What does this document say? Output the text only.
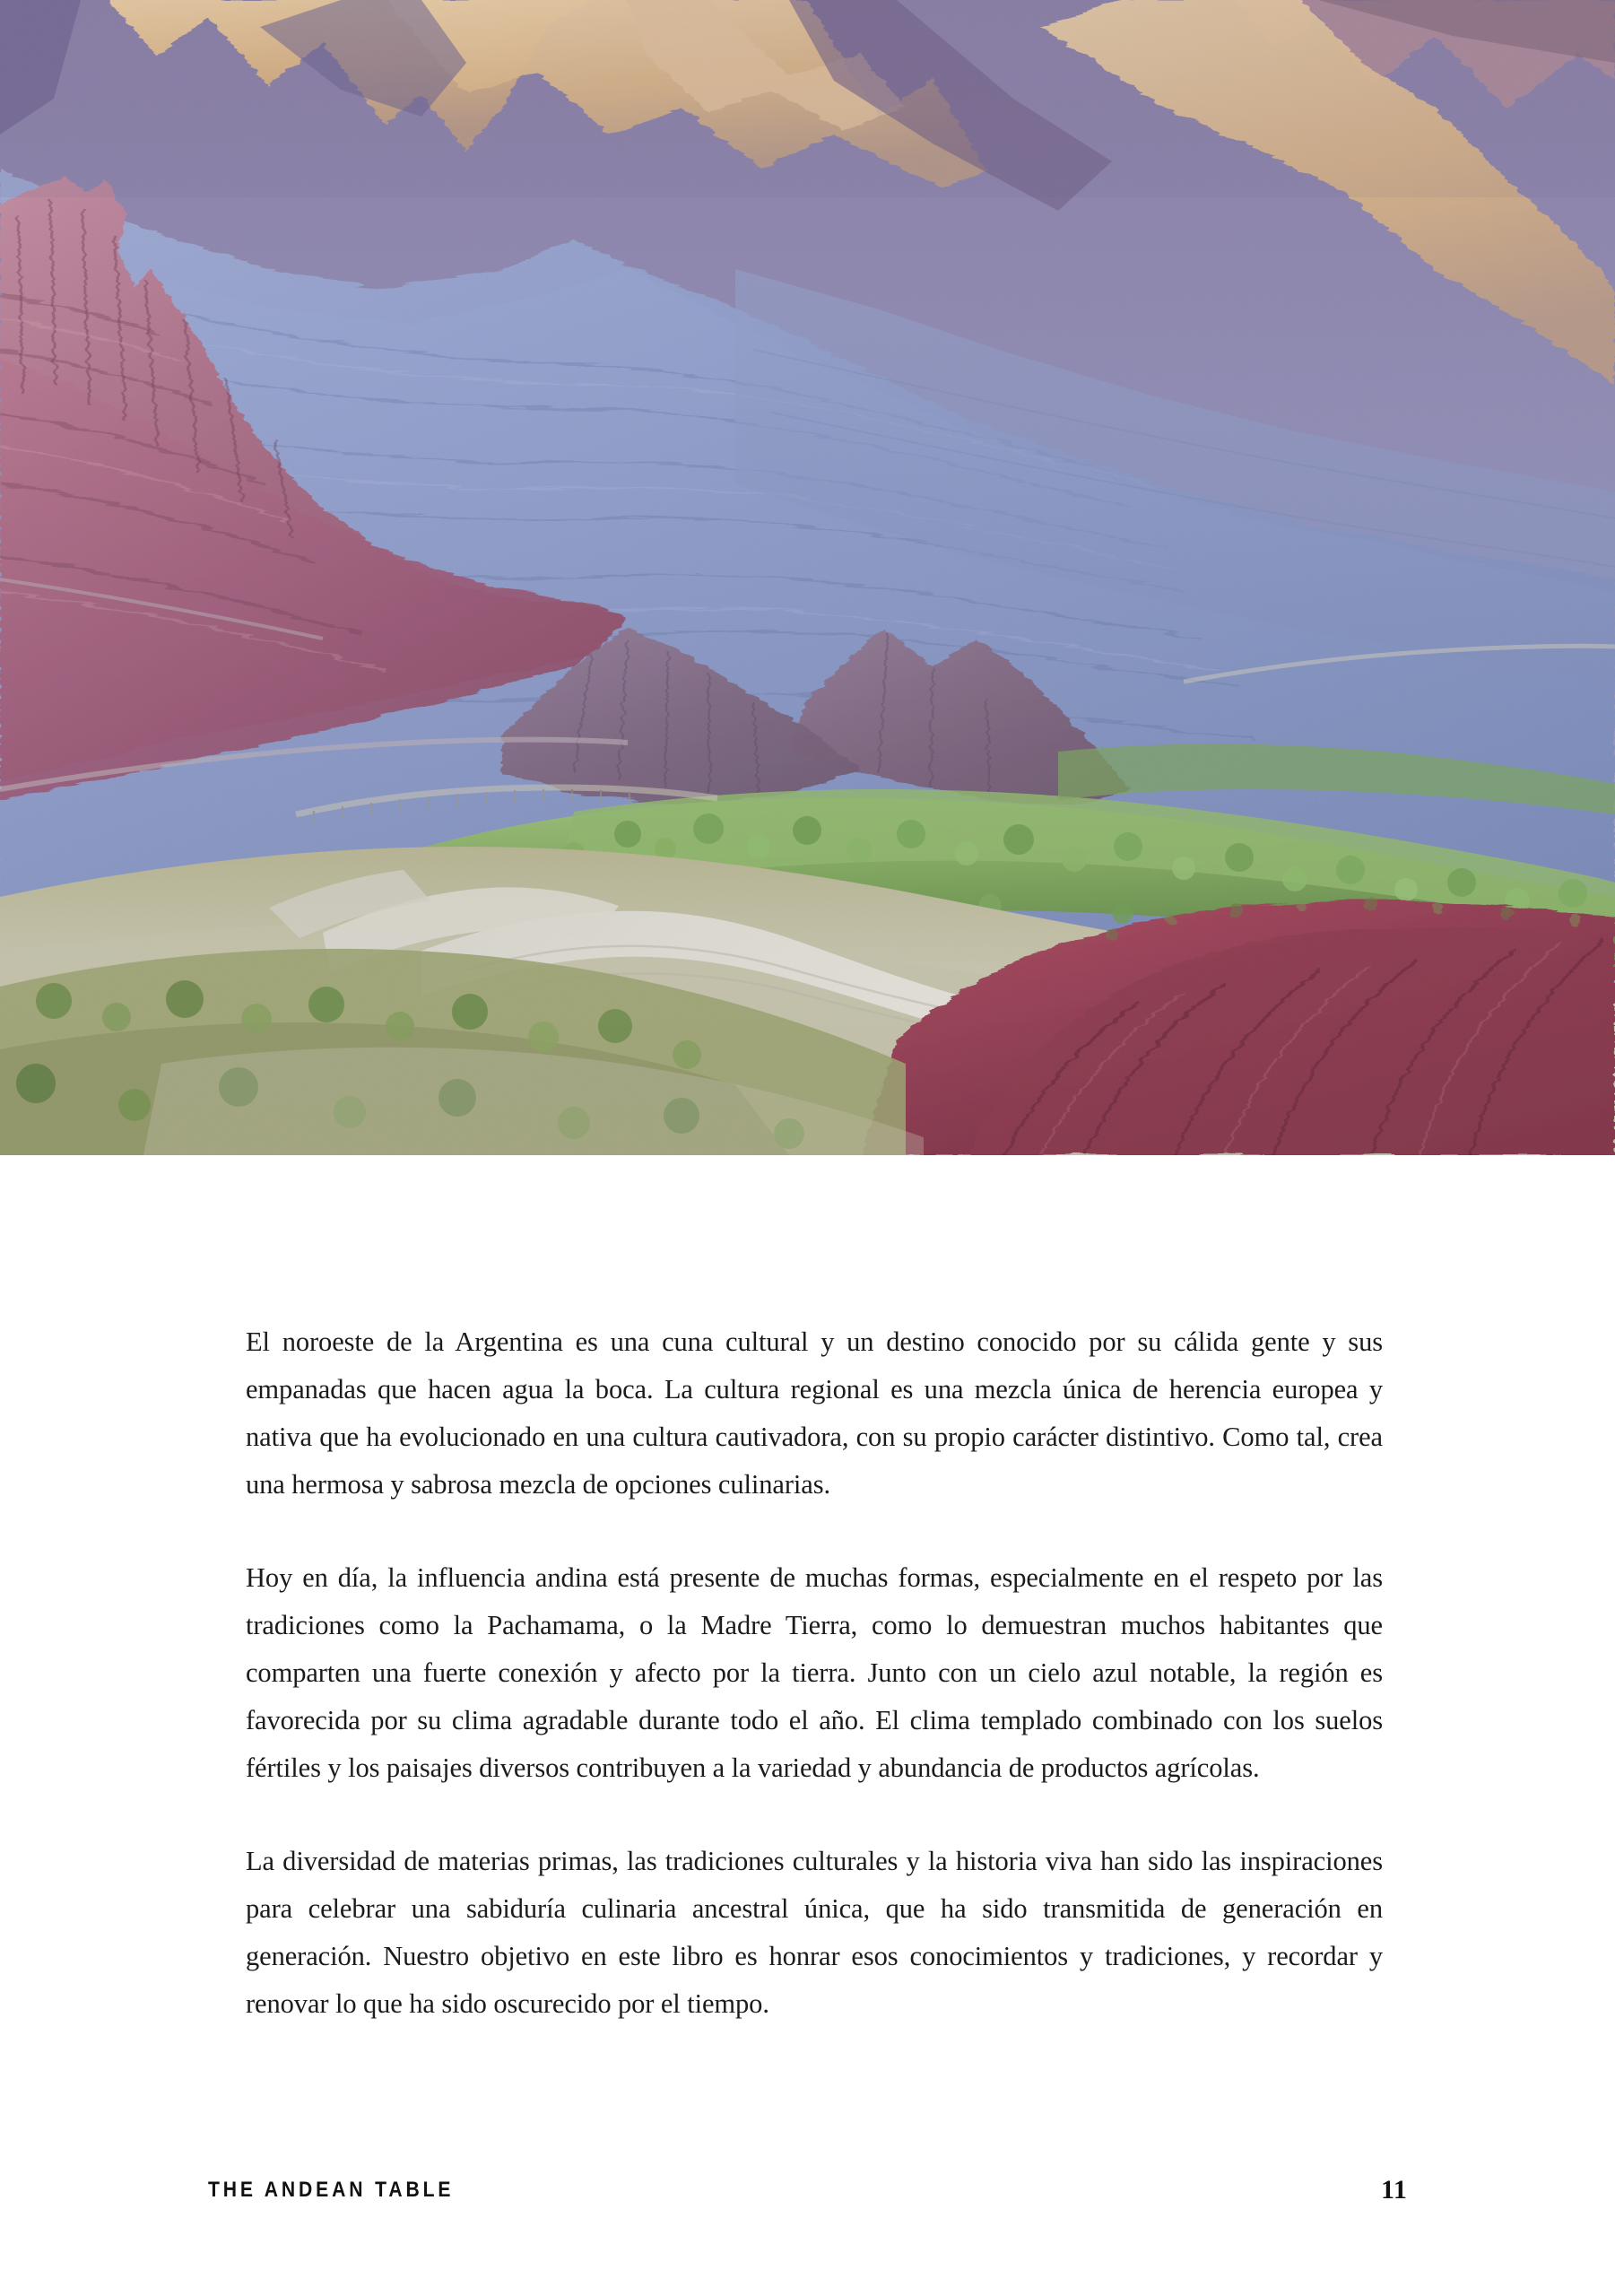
El noroeste de la Argentina es una cuna cultural y un destino conocido por su cálida gente y sus empanadas que hacen agua la boca. La cultura regional es una mezcla única de herencia europea y nativa que ha evolucionado en una cultura cautivadora, con su propio carácter distintivo. Como tal, crea una hermosa y sabrosa mezcla de opciones culinarias.

Hoy en día, la influencia andina está presente de muchas formas, especialmente en el respeto por las tradiciones como la Pachamama, o la Madre Tierra, como lo demuestran muchos habitantes que comparten una fuerte conexión y afecto por la tierra. Junto con un cielo azul notable, la región es favorecida por su clima agradable durante todo el año. El clima templado combinado con los suelos fértiles y los paisajes diversos contribuyen a la variedad y abundancia de productos agrícolas.

La diversidad de materias primas, las tradiciones culturales y la historia viva han sido las inspiraciones para celebrar una sabiduría culinaria ancestral única, que ha sido transmitida de generación en generación. Nuestro objetivo en este libro es honrar esos conocimientos y tradiciones, y recordar y renovar lo que ha sido oscurecido por el tiempo.

THE ANDEAN TABLE	11
